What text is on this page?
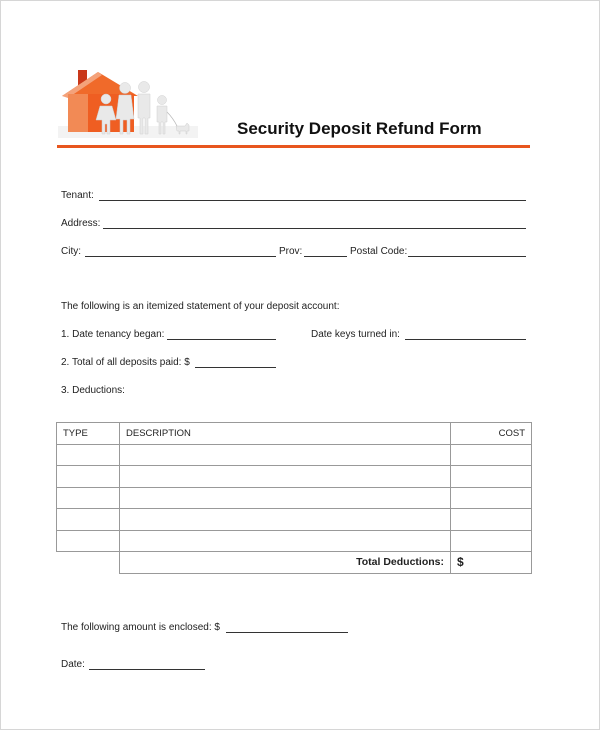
Security Deposit Refund Form
Tenant:
Address:
City:	Prov:	Postal Code:
The following is an itemized statement of your deposit account:
1. Date tenancy began:	Date keys turned in:
2. Total of all deposits paid: $
3. Deductions:
TYPE	DESCRIPTION	COST

	Total Deductions:	$
The following amount is enclosed: $
Date:
